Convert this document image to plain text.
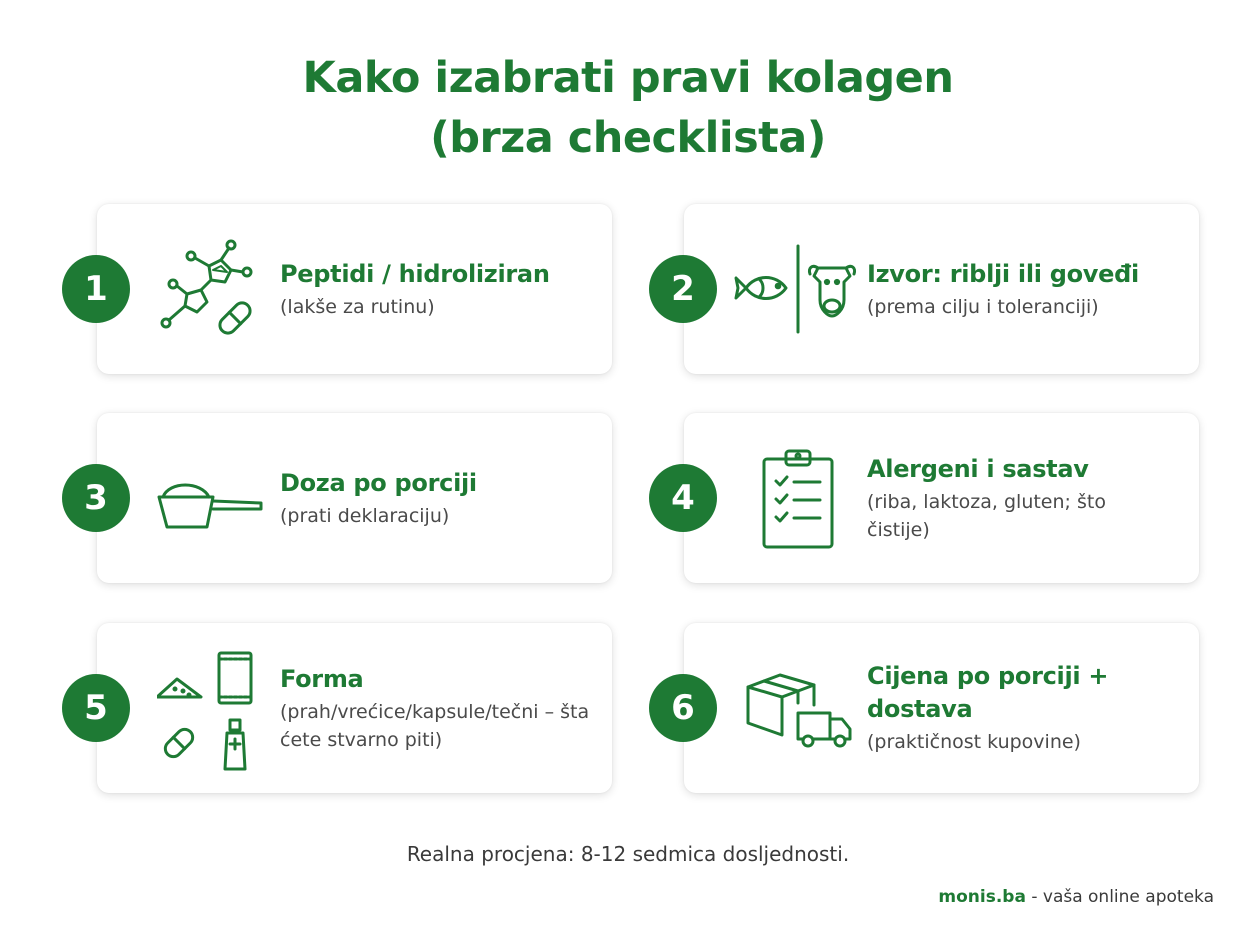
Kako izabrati pravi kolagen
(brza checklista)
1	Peptidi / hidroliziran
(lakše za rutinu)	2	Izvor: riblji ili goveđi
(prema cilju i toleranciji)
3	Doza po porciji
(prati deklaraciju)	4
Alergeni i sastav
(riba, laktoza, gluten; što čistije)
5
Forma
(prah/vrećice/kapsule/tečni – šta ćete stvarno piti)
6
Cijena po porciji + dostava
(praktičnost kupovine)
Realna procjena: 8-12 sedmica dosljednosti.
monis.ba - vaša online apoteka
